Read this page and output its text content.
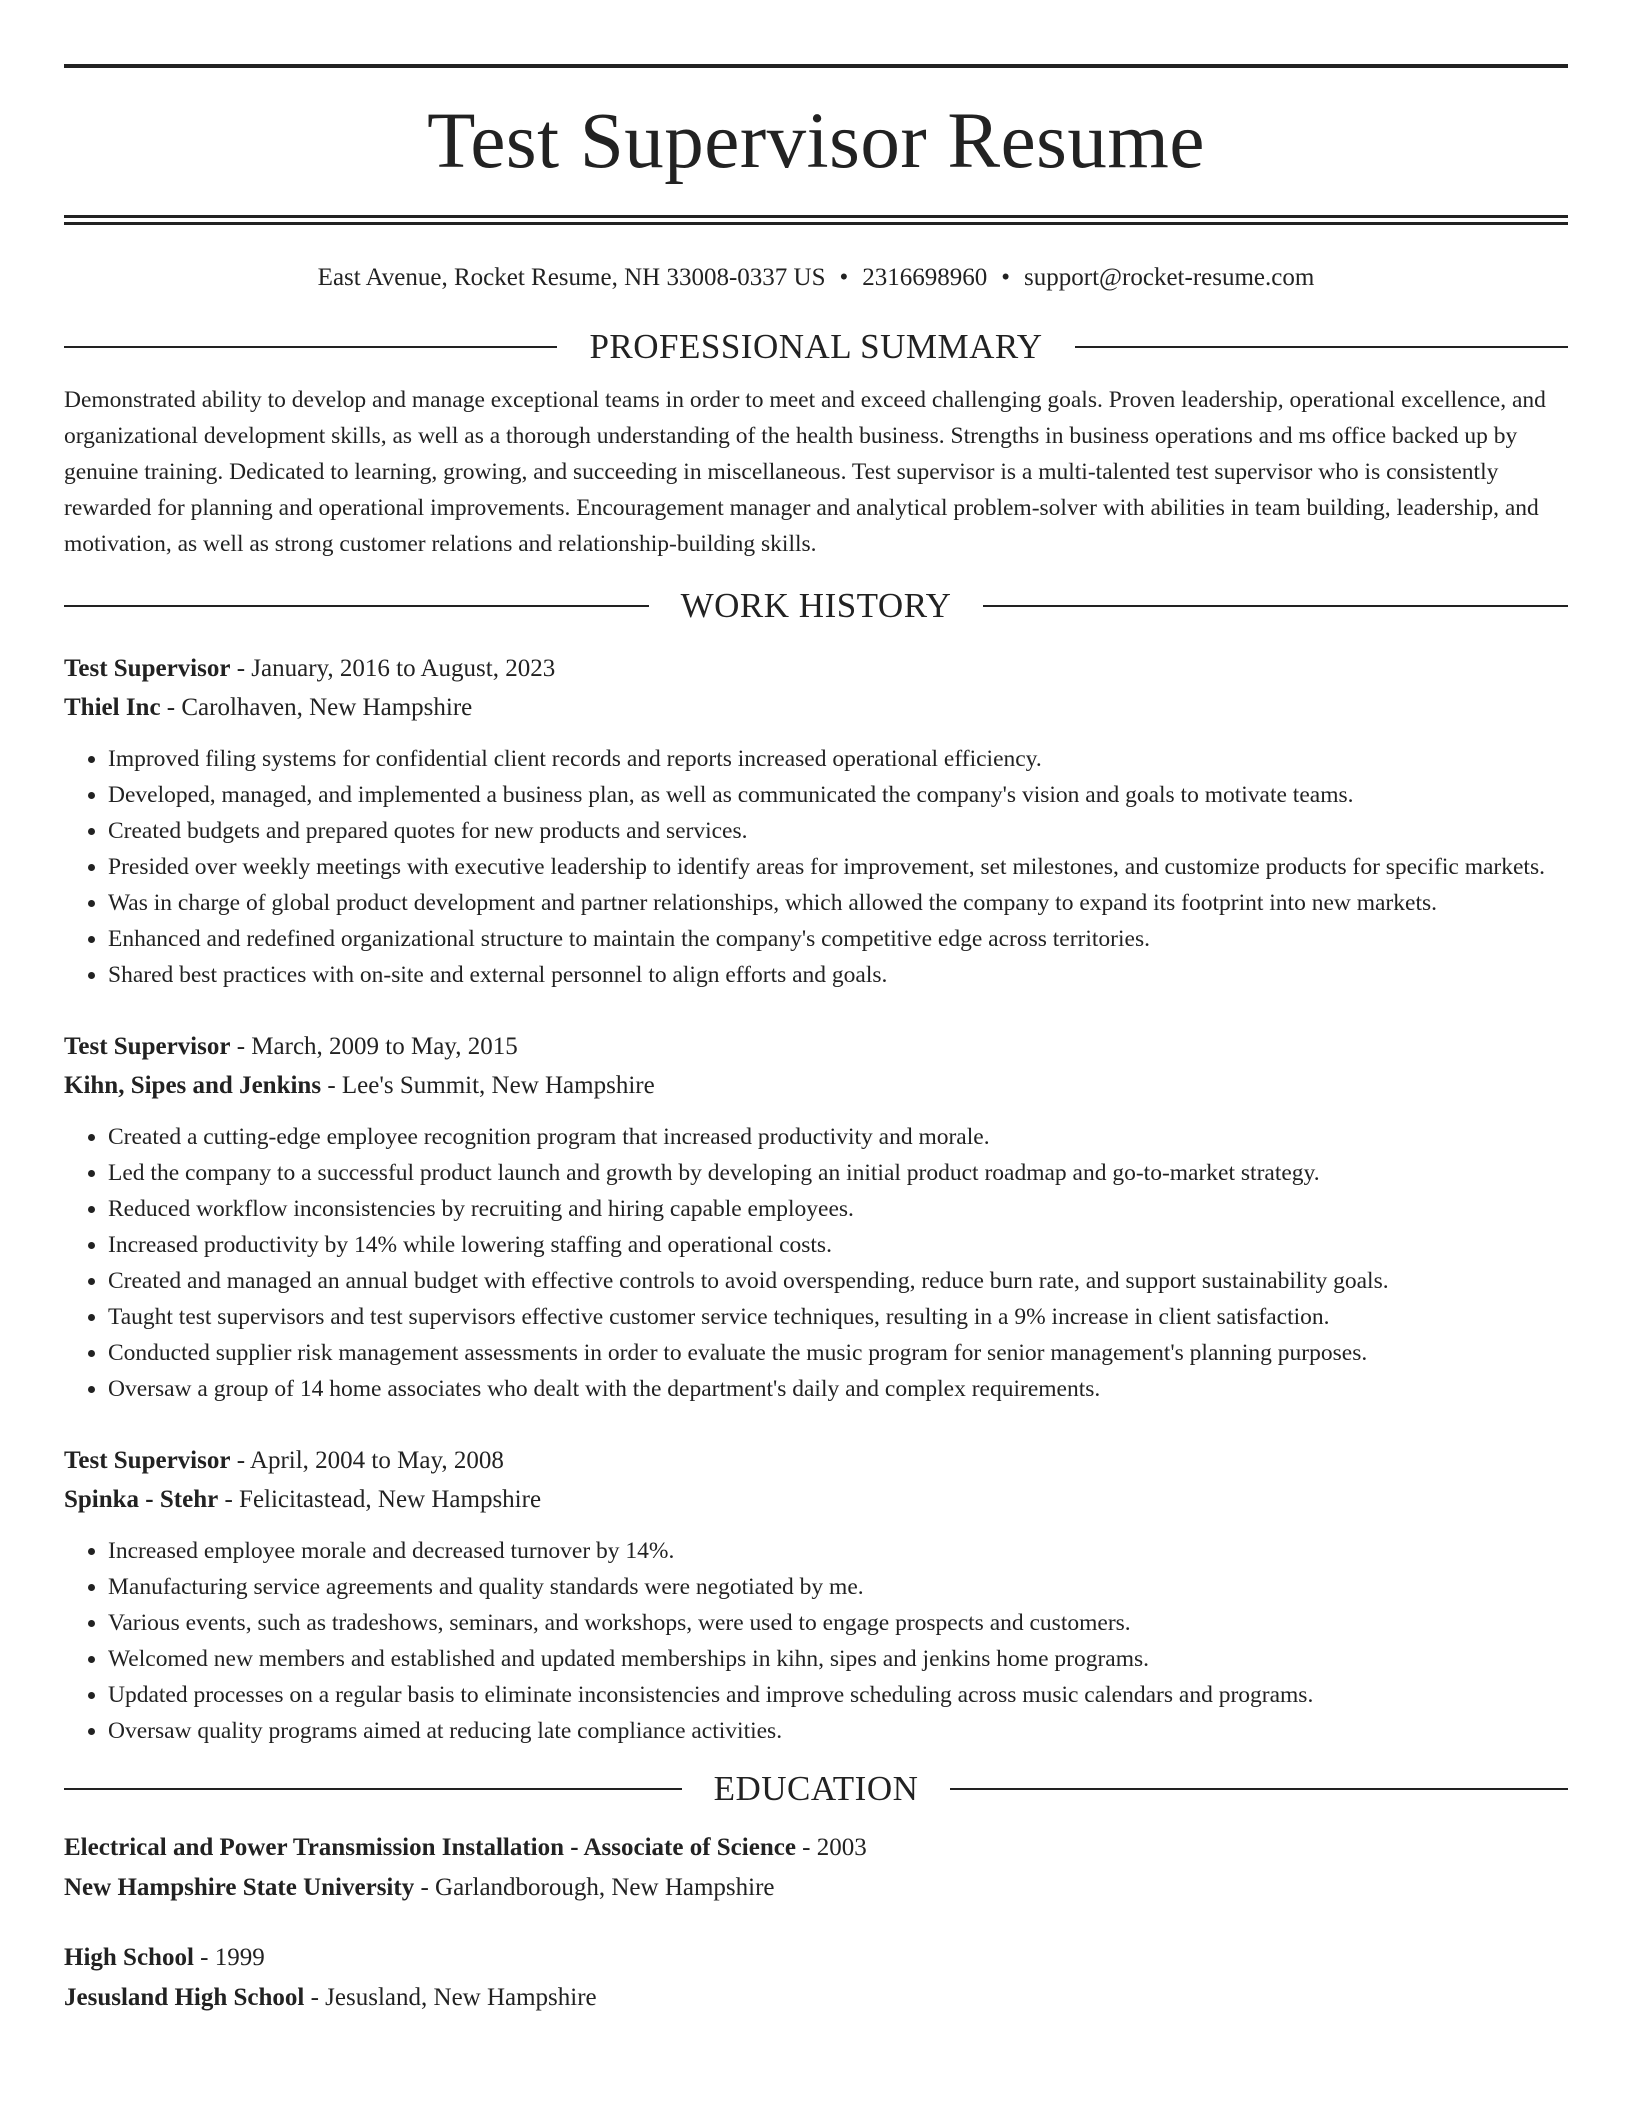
Test Supervisor Resume
East Avenue, Rocket Resume, NH 33008-0337 US • 2316698960 • support@rocket-resume.com
PROFESSIONAL SUMMARY
Demonstrated ability to develop and manage exceptional teams in order to meet and exceed challenging goals. Proven leadership, operational excellence, and organizational development skills, as well as a thorough understanding of the health business. Strengths in business operations and ms office backed up by genuine training. Dedicated to learning, growing, and succeeding in miscellaneous. Test supervisor is a multi-talented test supervisor who is consistently rewarded for planning and operational improvements. Encouragement manager and analytical problem-solver with abilities in team building, leadership, and motivation, as well as strong customer relations and relationship-building skills.
WORK HISTORY
Test Supervisor - January, 2016 to August, 2023
Thiel Inc - Carolhaven, New Hampshire
• Improved filing systems for confidential client records and reports increased operational efficiency.
• Developed, managed, and implemented a business plan, as well as communicated the company's vision and goals to motivate teams.
• Created budgets and prepared quotes for new products and services.
• Presided over weekly meetings with executive leadership to identify areas for improvement, set milestones, and customize products for specific markets.
• Was in charge of global product development and partner relationships, which allowed the company to expand its footprint into new markets.
• Enhanced and redefined organizational structure to maintain the company's competitive edge across territories.
• Shared best practices with on-site and external personnel to align efforts and goals.
Test Supervisor - March, 2009 to May, 2015
Kihn, Sipes and Jenkins - Lee's Summit, New Hampshire
• Created a cutting-edge employee recognition program that increased productivity and morale.
• Led the company to a successful product launch and growth by developing an initial product roadmap and go-to-market strategy.
• Reduced workflow inconsistencies by recruiting and hiring capable employees.
• Increased productivity by 14% while lowering staffing and operational costs.
• Created and managed an annual budget with effective controls to avoid overspending, reduce burn rate, and support sustainability goals.
• Taught test supervisors and test supervisors effective customer service techniques, resulting in a 9% increase in client satisfaction.
• Conducted supplier risk management assessments in order to evaluate the music program for senior management's planning purposes.
• Oversaw a group of 14 home associates who dealt with the department's daily and complex requirements.
Test Supervisor - April, 2004 to May, 2008
Spinka - Stehr - Felicitastead, New Hampshire
• Increased employee morale and decreased turnover by 14%.
• Manufacturing service agreements and quality standards were negotiated by me.
• Various events, such as tradeshows, seminars, and workshops, were used to engage prospects and customers.
• Welcomed new members and established and updated memberships in kihn, sipes and jenkins home programs.
• Updated processes on a regular basis to eliminate inconsistencies and improve scheduling across music calendars and programs.
• Oversaw quality programs aimed at reducing late compliance activities.
EDUCATION
Electrical and Power Transmission Installation - Associate of Science - 2003
New Hampshire State University - Garlandborough, New Hampshire
High School - 1999
Jesusland High School - Jesusland, New Hampshire
